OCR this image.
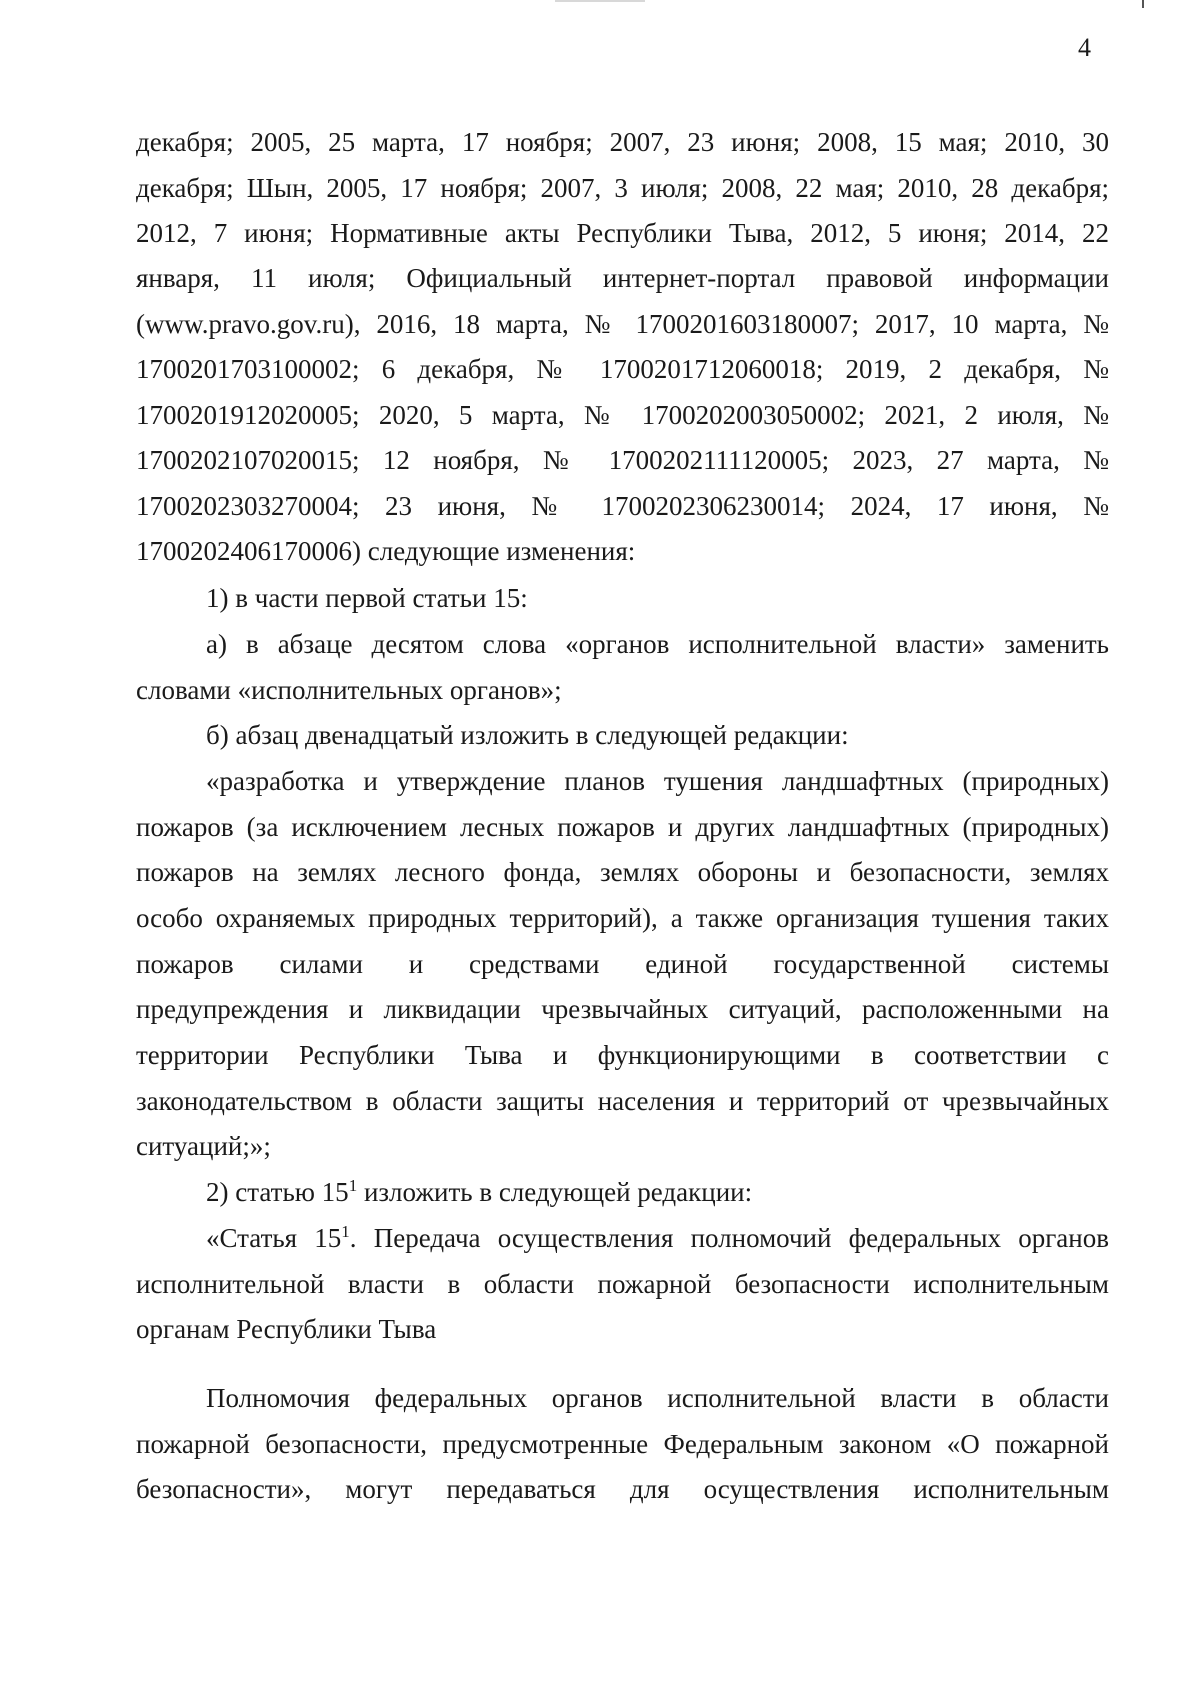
4
декабря; 2005, 25 марта, 17 ноября; 2007, 23 июня; 2008, 15 мая; 2010, 30
декабря; Шын, 2005, 17 ноября; 2007, 3 июля; 2008, 22 мая; 2010, 28 декабря;
2012, 7 июня; Нормативные акты Республики Тыва, 2012, 5 июня; 2014, 22
января, 11 июля; Официальный интернет-портал правовой информации
(www.pravo.gov.ru), 2016, 18 марта, № 1700201603180007; 2017, 10 марта, №
1700201703100002; 6 декабря, № 1700201712060018; 2019, 2 декабря, №
1700201912020005; 2020, 5 марта, № 1700202003050002; 2021, 2 июля, №
1700202107020015; 12 ноября, № 1700202111120005; 2023, 27 марта, №
1700202303270004; 23 июня, № 1700202306230014; 2024, 17 июня, №
1700202406170006) следующие изменения:
1) в части первой статьи 15:
а) в абзаце десятом слова «органов исполнительной власти» заменить
словами «исполнительных органов»;
б) абзац двенадцатый изложить в следующей редакции:
«разработка и утверждение планов тушения ландшафтных (природных)
пожаров (за исключением лесных пожаров и других ландшафтных (природных)
пожаров на землях лесного фонда, землях обороны и безопасности, землях
особо охраняемых природных территорий), а также организация тушения таких
пожаров силами и средствами единой государственной системы
предупреждения и ликвидации чрезвычайных ситуаций, расположенными на
территории Республики Тыва и функционирующими в соответствии с
законодательством в области защиты населения и территорий от чрезвычайных
ситуаций;»;
2) статью $15^1$ изложить в следующей редакции:
«Статья $15^1$. Передача осуществления полномочий федеральных органов
исполнительной власти в области пожарной безопасности исполнительным
органам Республики Тыва
Полномочия федеральных органов исполнительной власти в области
пожарной безопасности, предусмотренные Федеральным законом «О пожарной
безопасности», могут передаваться для осуществления исполнительным
